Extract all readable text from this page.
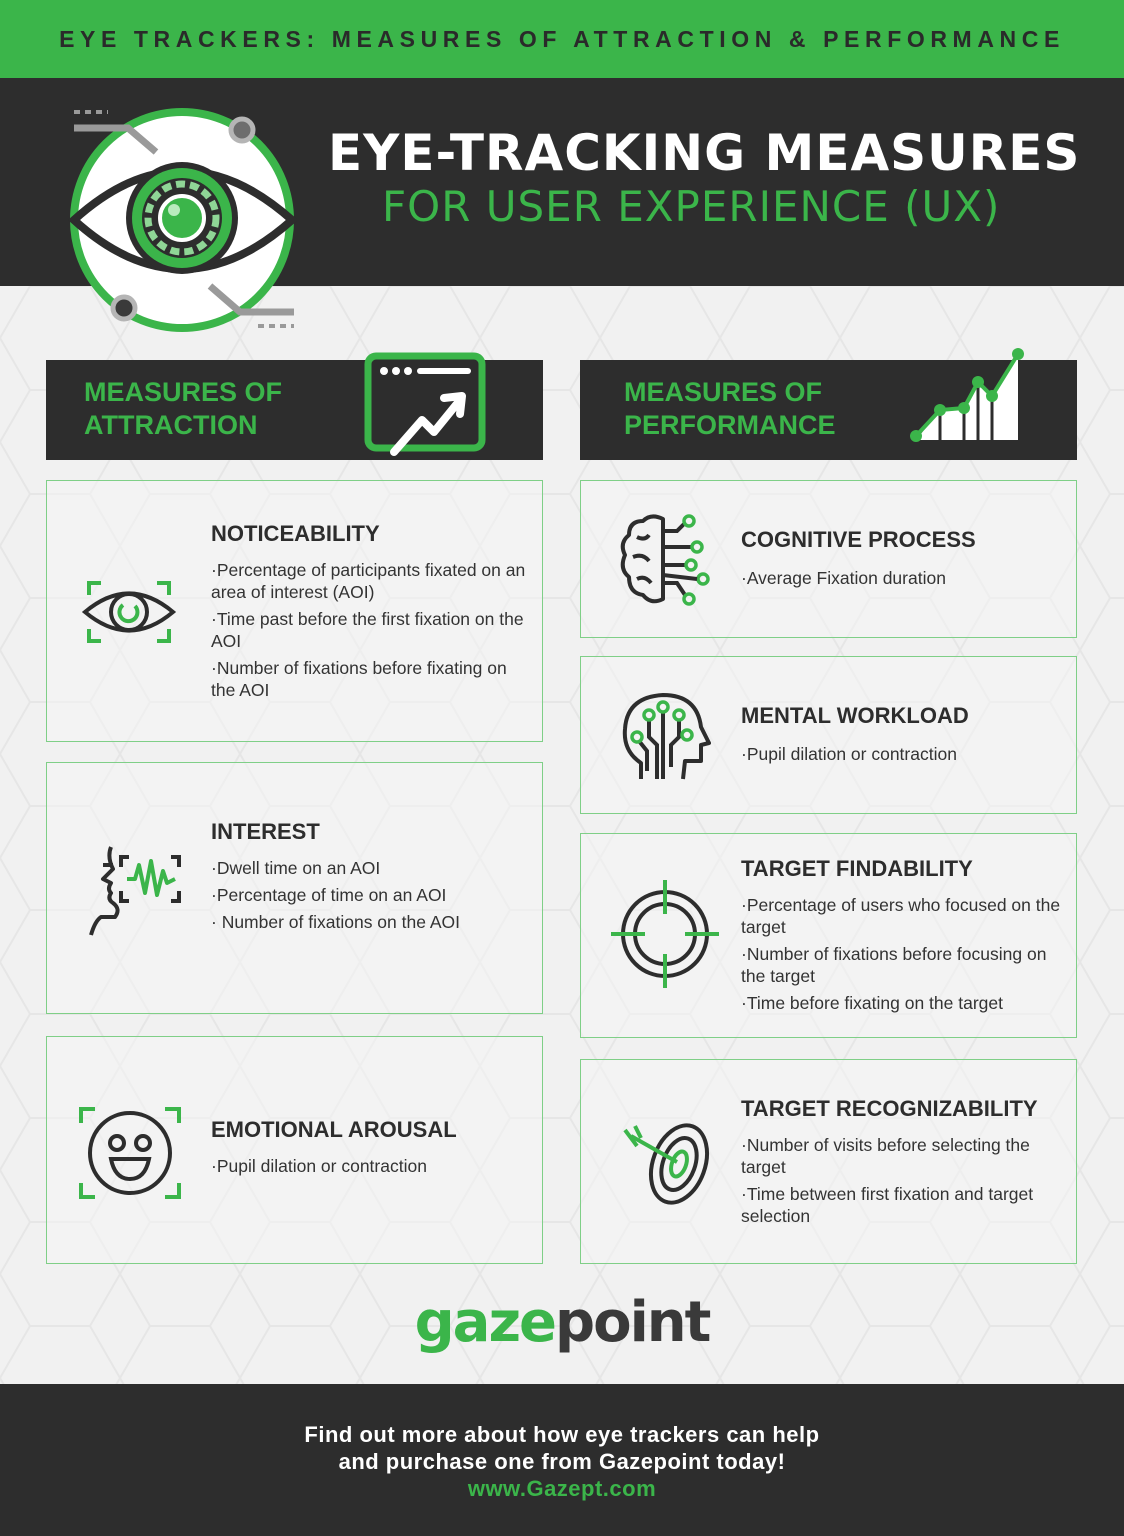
EYE TRACKERS: MEASURES OF ATTRACTION & PERFORMANCE
EYE-TRACKING MEASURES
FOR USER EXPERIENCE (UX)
MEASURES OF
ATTRACTION
MEASURES OF
PERFORMANCE
NOTICEABILITY
·Percentage of participants fixated on an area of interest (AOI)
·Time past before the first fixation on the AOI
·Number of fixations before fixating on the AOI
INTEREST
·Dwell time on an AOI
·Percentage of time on an AOI
· Number of fixations on the AOI
EMOTIONAL AROUSAL
·Pupil dilation or contraction
COGNITIVE PROCESS
·Average Fixation duration
MENTAL WORKLOAD
·Pupil dilation or contraction
TARGET FINDABILITY
·Percentage of users who focused on the target
·Number of fixations before focusing on the target
·Time before fixating on the target
TARGET RECOGNIZABILITY
·Number of visits before selecting the target
·Time between first fixation and target selection
gazepoint
Find out more about how eye trackers can help
and purchase one from Gazepoint today!
www.Gazept.com
